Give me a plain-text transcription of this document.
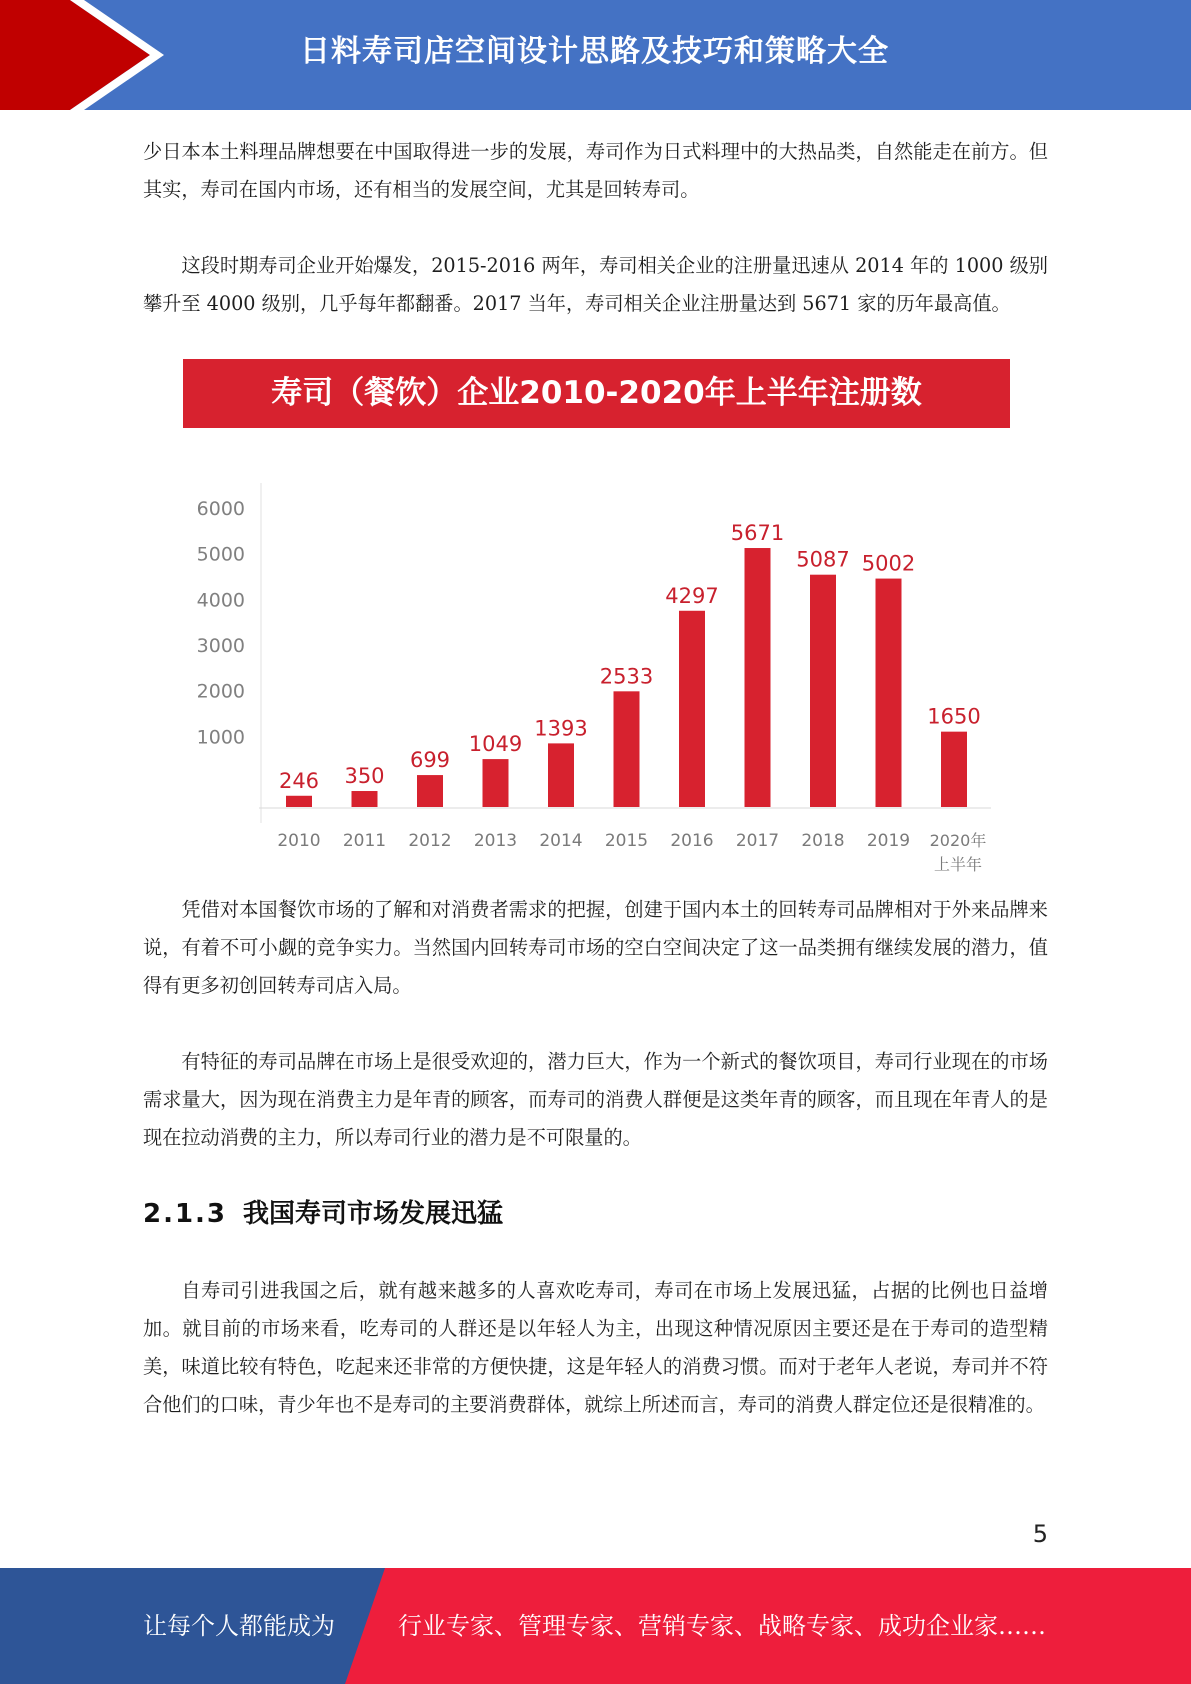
日料寿司店空间设计思路及技巧和策略大全

少日本本土料理品牌想要在中国取得进一步的发展，寿司作为日式料理中的大热品类，自然能走在前方。但其实，寿司在国内市场，还有相当的发展空间，尤其是回转寿司。

这段时期寿司企业开始爆发，2015-2016 两年，寿司相关企业的注册量迅速从 2014 年的 1000 级别攀升至 4000 级别，几乎每年都翻番。2017 当年，寿司相关企业注册量达到 5671 家的历年最高值。

寿司（餐饮）企业2010-2020年上半年注册数
1000
2000
3000
4000
5000
6000
246
2010
350
2011
699
2012
1049
2013
1393
2014
2533
2015
4297
2016
5671
2017
5087
2018
5002
2019
1650
2020年
上半年

凭借对本国餐饮市场的了解和对消费者需求的把握，创建于国内本土的回转寿司品牌相对于外来品牌来说，有着不可小觑的竞争实力。当然国内回转寿司市场的空白空间决定了这一品类拥有继续发展的潜力，值得有更多初创回转寿司店入局。

有特征的寿司品牌在市场上是很受欢迎的，潜力巨大，作为一个新式的餐饮项目，寿司行业现在的市场需求量大，因为现在消费主力是年青的顾客，而寿司的消费人群便是这类年青的顾客，而且现在年青人的是现在拉动消费的主力，所以寿司行业的潜力是不可限量的。

2.1.3 我国寿司市场发展迅猛

自寿司引进我国之后，就有越来越多的人喜欢吃寿司，寿司在市场上发展迅猛，占据的比例也日益增加。就目前的市场来看，吃寿司的人群还是以年轻人为主，出现这种情况原因主要还是在于寿司的造型精美，味道比较有特色，吃起来还非常的方便快捷，这是年轻人的消费习惯。而对于老年人老说，寿司并不符合他们的口味，青少年也不是寿司的主要消费群体，就综上所述而言，寿司的消费人群定位还是很精准的。

5
让每个人都能成为	行业专家、管理专家、营销专家、战略专家、成功企业家……
